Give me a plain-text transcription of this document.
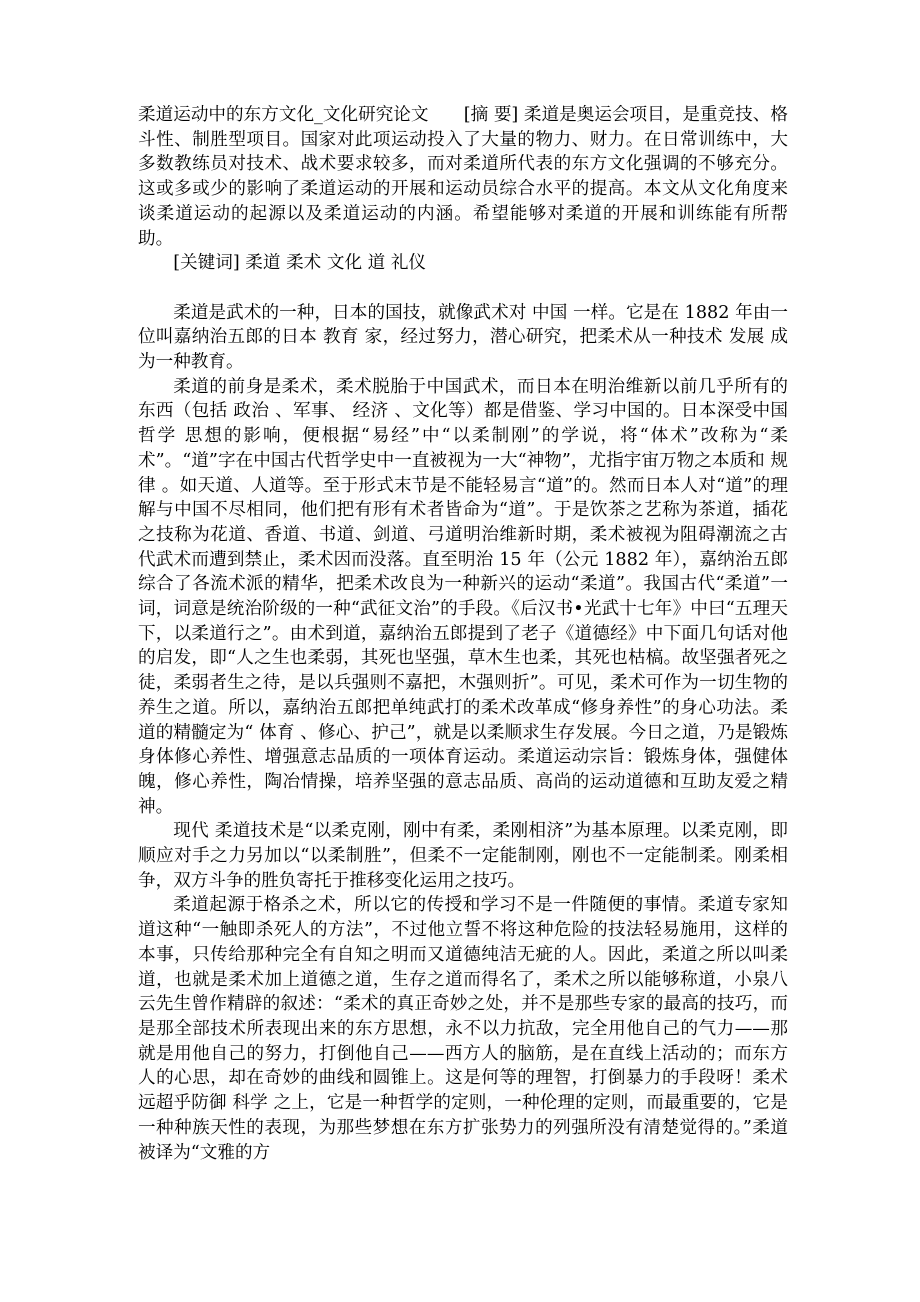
柔道运动中的东方文化_文化研究论文　　[摘 要] 柔道是奥运会项目，是重竞技、格斗性、制胜型项目。国家对此项运动投入了大量的物力、财力。在日常训练中，大多数教练员对技术、战术要求较多，而对柔道所代表的东方文化强调的不够充分。这或多或少的影响了柔道运动的开展和运动员综合水平的提高。本文从文化角度来谈柔道运动的起源以及柔道运动的内涵。希望能够对柔道的开展和训练能有所帮助。

[关键词] 柔道 柔术 文化 道 礼仪

柔道是武术的一种，日本的国技，就像武术对 中国 一样。它是在 1882 年由一位叫嘉纳治五郎的日本 教育 家，经过努力，潜心研究，把柔术从一种技术 发展 成为一种教育。

柔道的前身是柔术，柔术脱胎于中国武术，而日本在明治维新以前几乎所有的东西（包括 政治 、军事、 经济 、文化等）都是借鉴、学习中国的。日本深受中国 哲学 思想的影响，便根据“易经”中“以柔制刚”的学说，将“体术”改称为“柔术”。“道”字在中国古代哲学史中一直被视为一大“神物”，尤指宇宙万物之本质和 规律 。如天道、人道等。至于形式末节是不能轻易言“道”的。然而日本人对“道”的理解与中国不尽相同，他们把有形有术者皆命为“道”。于是饮茶之艺称为茶道，插花之技称为花道、香道、书道、剑道、弓道明治维新时期，柔术被视为阻碍潮流之古代武术而遭到禁止，柔术因而没落。直至明治 15 年（公元 1882 年），嘉纳治五郎综合了各流术派的精华，把柔术改良为一种新兴的运动“柔道”。我国古代“柔道”一词，词意是统治阶级的一种“武征文治”的手段。《后汉书•光武十七年》中曰“五理天下，以柔道行之”。由术到道，嘉纳治五郎提到了老子《道德经》中下面几句话对他的启发，即“人之生也柔弱，其死也坚强，草木生也柔，其死也枯槁。故坚强者死之徒，柔弱者生之待，是以兵强则不嘉把，木强则折”。可见，柔术可作为一切生物的养生之道。所以，嘉纳治五郎把单纯武打的柔术改革成“修身养性”的身心功法。柔道的精髓定为“ 体育 、修心、护己”，就是以柔顺求生存发展。今日之道，乃是锻炼身体修心养性、增强意志品质的一项体育运动。柔道运动宗旨：锻炼身体，强健体魄，修心养性，陶冶情操，培养坚强的意志品质、高尚的运动道德和互助友爱之精神。

现代 柔道技术是“以柔克刚，刚中有柔，柔刚相济”为基本原理。以柔克刚，即顺应对手之力另加以“以柔制胜”，但柔不一定能制刚，刚也不一定能制柔。刚柔相争，双方斗争的胜负寄托于推移变化运用之技巧。

柔道起源于格杀之术，所以它的传授和学习不是一件随便的事情。柔道专家知道这种“一触即杀死人的方法”，不过他立誓不将这种危险的技法轻易施用，这样的本事，只传给那种完全有自知之明而又道德纯洁无疵的人。因此，柔道之所以叫柔道，也就是柔术加上道德之道，生存之道而得名了，柔术之所以能够称道，小泉八云先生曾作精辟的叙述：“柔术的真正奇妙之处，并不是那些专家的最高的技巧，而是那全部技术所表现出来的东方思想，永不以力抗敌，完全用他自己的气力——那就是用他自己的努力，打倒他自己——西方人的脑筋，是在直线上活动的；而东方人的心思，却在奇妙的曲线和圆锥上。这是何等的理智，打倒暴力的手段呀！柔术远超乎防御 科学 之上，它是一种哲学的定则，一种伦理的定则，而最重要的，它是一种种族天性的表现，为那些梦想在东方扩张势力的列强所没有清楚觉得的。”柔道被译为“文雅的方
